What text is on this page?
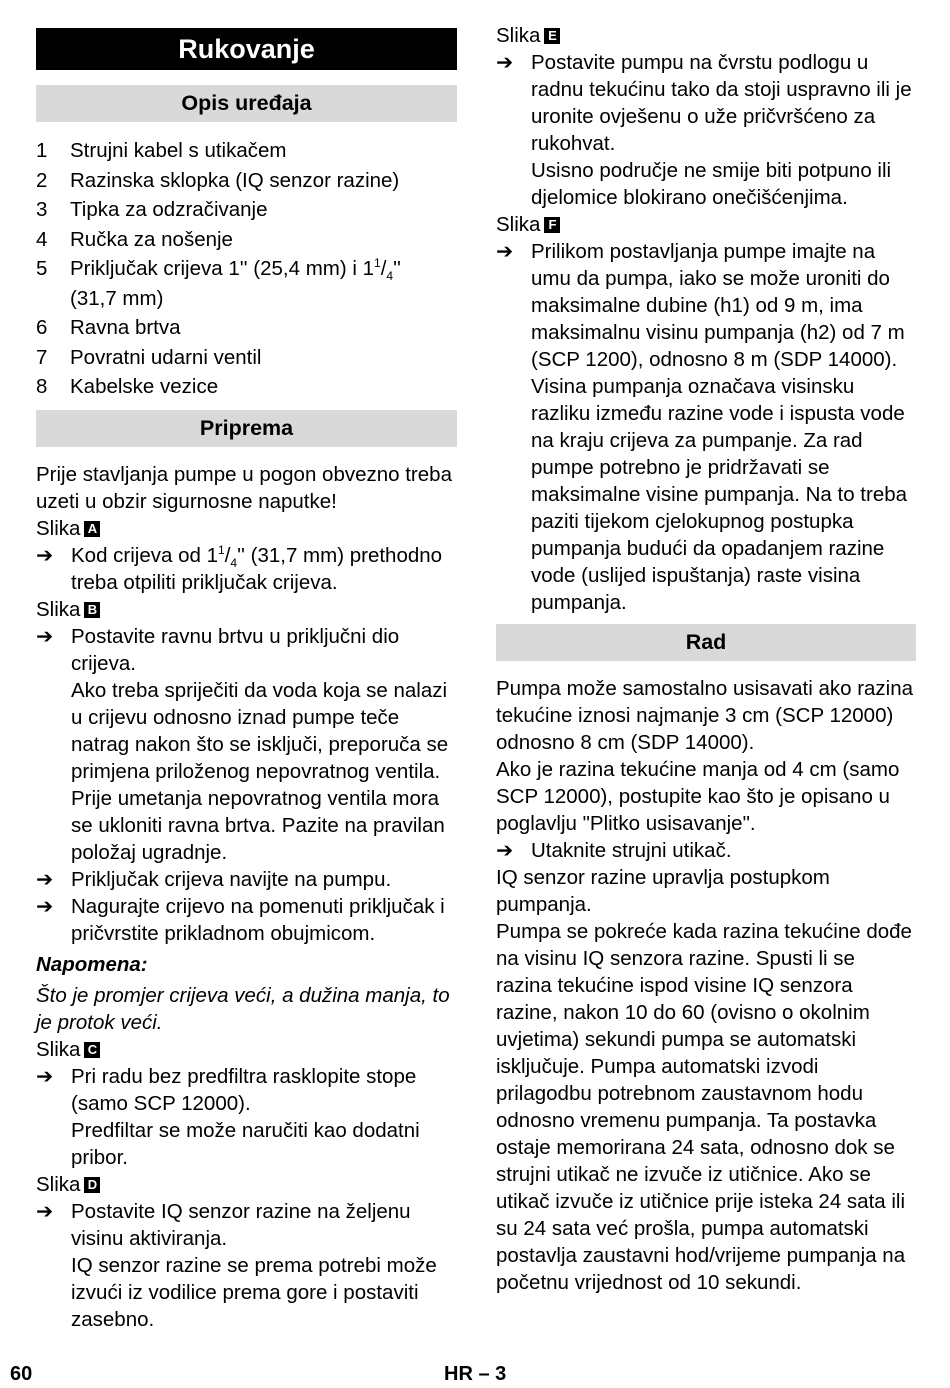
Rukovanje
Opis uređaja
1	Strujni kabel s utikačem
2	Razinska sklopka (IQ senzor razine)
3	Tipka za odzračivanje
4	Ručka za nošenje
5	Priključak crijeva 1'' (25,4 mm) i $1^1/_4''$
(31,7 mm)
6	Ravna brtva
7	Povratni udarni ventil
8	Kabelske vezice
Priprema

Prije stavljanja pumpe u pogon obvezno treba uzeti u obzir sigurnosne naputke!

Slika A
➔ Kod crijeva od $1^1/_4''$ (31,7 mm) prethodno treba otpiliti priključak crijeva.
Slika B
➔ Postavite ravnu brtvu u priključni dio crijeva.

Ako treba spriječiti da voda koja se nalazi u crijevu odnosno iznad pumpe teče natrag nakon što se isključi, preporuča se primjena priloženog nepovratnog ventila. Prije umetanja nepovratnog ventila mora se ukloniti ravna brtva. Pazite na pravilan položaj ugradnje.

➔ Priključak crijeva navijte na pumpu.
➔ Nagurajte crijevo na pomenuti priključak i pričvrstite prikladnom obujmicom.
Napomena:

Što je promjer crijeva veći, a dužina manja, to je protok veći.

Slika C
➔ Pri radu bez predfiltra rasklopite stope (samo SCP 12000).

Predfiltar se može naručiti kao dodatni pribor.

Slika D
➔ Postavite IQ senzor razine na željenu visinu aktiviranja.

IQ senzor razine se prema potrebi može izvući iz vodilice prema gore i postaviti zasebno.

Slika E
➔ Postavite pumpu na čvrstu podlogu u radnu tekućinu tako da stoji uspravno ili je uronite ovješenu o uže pričvršćeno za rukohvat.

Usisno područje ne smije biti potpuno ili djelomice blokirano onečišćenjima.

Slika F
➔ Prilikom postavljanja pumpe imajte na umu da pumpa, iako se može uroniti do maksimalne dubine (h1) od 9 m, ima maksimalnu visinu pumpanja (h2) od 7 m (SCP 1200), odnosno 8 m (SDP 14000).

Visina pumpanja označava visinsku razliku između razine vode i ispusta vode na kraju crijeva za pumpanje. Za rad pumpe potrebno je pridržavati se maksimalne visine pumpanja. Na to treba paziti tijekom cjelokupnog postupka pumpanja budući da opadanjem razine vode (uslijed ispuštanja) raste visina pumpanja.

Rad

Pumpa može samostalno usisavati ako razina tekućine iznosi najmanje 3 cm (SCP 12000) odnosno 8 cm (SDP 14000).

Ako je razina tekućine manja od 4 cm (samo SCP 12000), postupite kao što je opisano u poglavlju "Plitko usisavanje".

➔ Utaknite strujni utikač.

IQ senzor razine upravlja postupkom pumpanja.

Pumpa se pokreće kada razina tekućine dođe na visinu IQ senzora razine. Spusti li se razina tekućine ispod visine IQ senzora razine, nakon 10 do 60 (ovisno o okolnim uvjetima) sekundi pumpa se automatski isključuje. Pumpa automatski izvodi prilagodbu potrebnom zaustavnom hodu odnosno vremenu pumpanja. Ta postavka ostaje memorirana 24 sata, odnosno dok se strujni utikač ne izvuče iz utičnice. Ako se utikač izvuče iz utičnice prije isteka 24 sata ili su 24 sata već prošla, pumpa automatski postavlja zaustavni hod/vrijeme pumpanja na početnu vrijednost od 10 sekundi.

60	HR – 3
